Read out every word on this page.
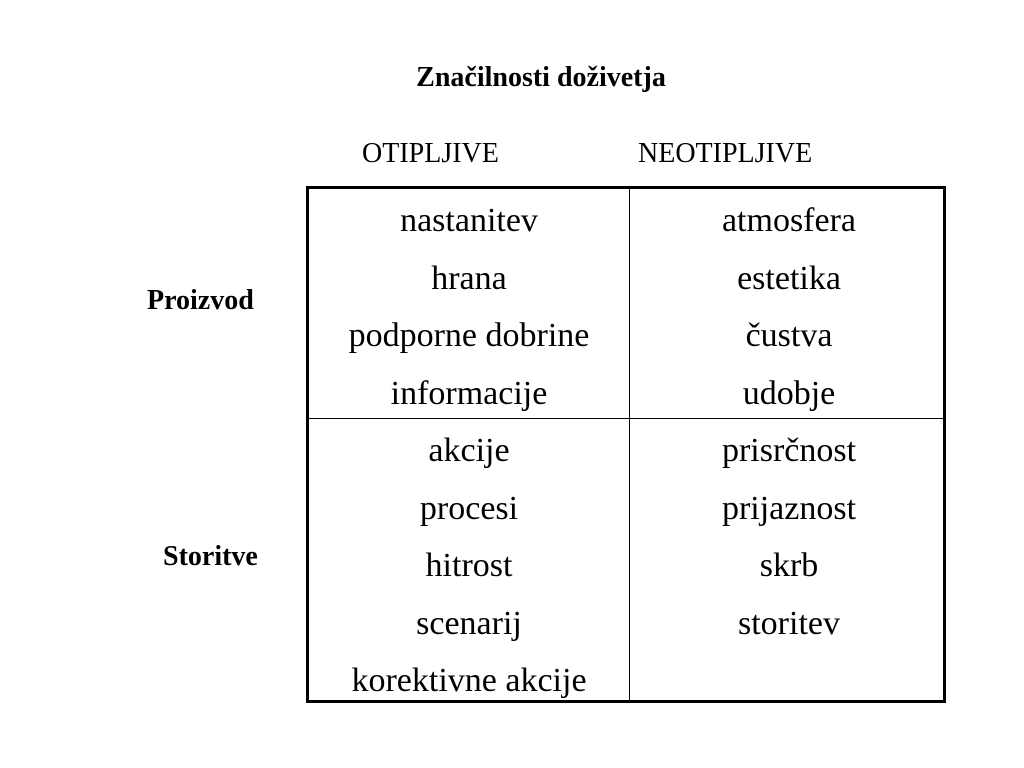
Značilnosti doživetja
OTIPLJIVE	NEOTIPLJIVE
Proizvod
Storitve
nastanitev
hrana
podporne dobrine
informacije
atmosfera
estetika
čustva
udobje
akcije
procesi
hitrost
scenarij
korektivne akcije
prisrčnost
prijaznost
skrb
storitev
